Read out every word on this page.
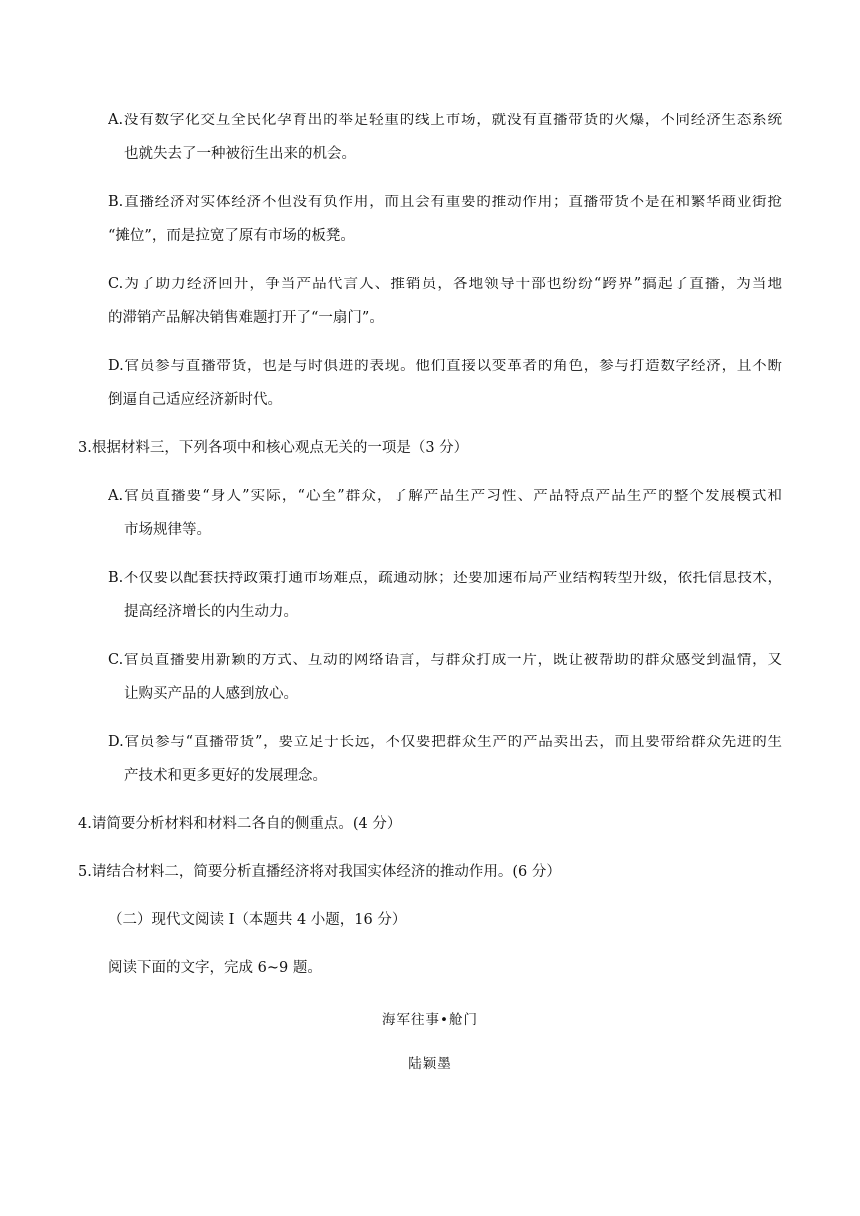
A.没有数字化交互全民化孕育出的举足轻重的线上市场，就没有直播带货的火爆，不同经济生态系统
也就失去了一种被衍生出来的机会。
B.直播经济对实体经济不但没有负作用，而且会有重要的推动作用；直播带货不是在和繁华商业街抢
“摊位”，而是拉宽了原有市场的板凳。
C.为了助力经济回升，争当产品代言人、推销员，各地领导干部也纷纷“跨界”搞起了直播，为当地
的滞销产品解决销售难题打开了“一扇门”。
D.官员参与直播带货，也是与时俱进的表现。他们直接以变革者的角色，参与打造数字经济，且不断
倒逼自己适应经济新时代。
3.根据材料三，下列各项中和核心观点无关的一项是（3 分）
A.官员直播要“身人”实际，“心至”群众，了解产品生产习性、产品特点产品生产的整个发展模式和
市场规律等。
B.不仅要以配套扶持政策打通市场难点，疏通动脉；还要加速布局产业结构转型升级，依托信息技术，
提高经济增长的内生动力。
C.官员直播要用新颖的方式、互动的网络语言，与群众打成一片，既让被帮助的群众感受到温情，又
让购买产品的人感到放心。
D.官员参与“直播带货”，要立足于长远，不仅要把群众生产的产品卖出去，而且要带给群众先进的生
产技术和更多更好的发展理念。
4.请简要分析材料和材料二各自的侧重点。(4 分）
5.请结合材料二，简要分析直播经济将对我国实体经济的推动作用。(6 分）
（二）现代文阅读 I（本题共 4 小题，16 分）
阅读下面的文字，完成 6~9 题。
海军往事•舱门
陆颖墨
